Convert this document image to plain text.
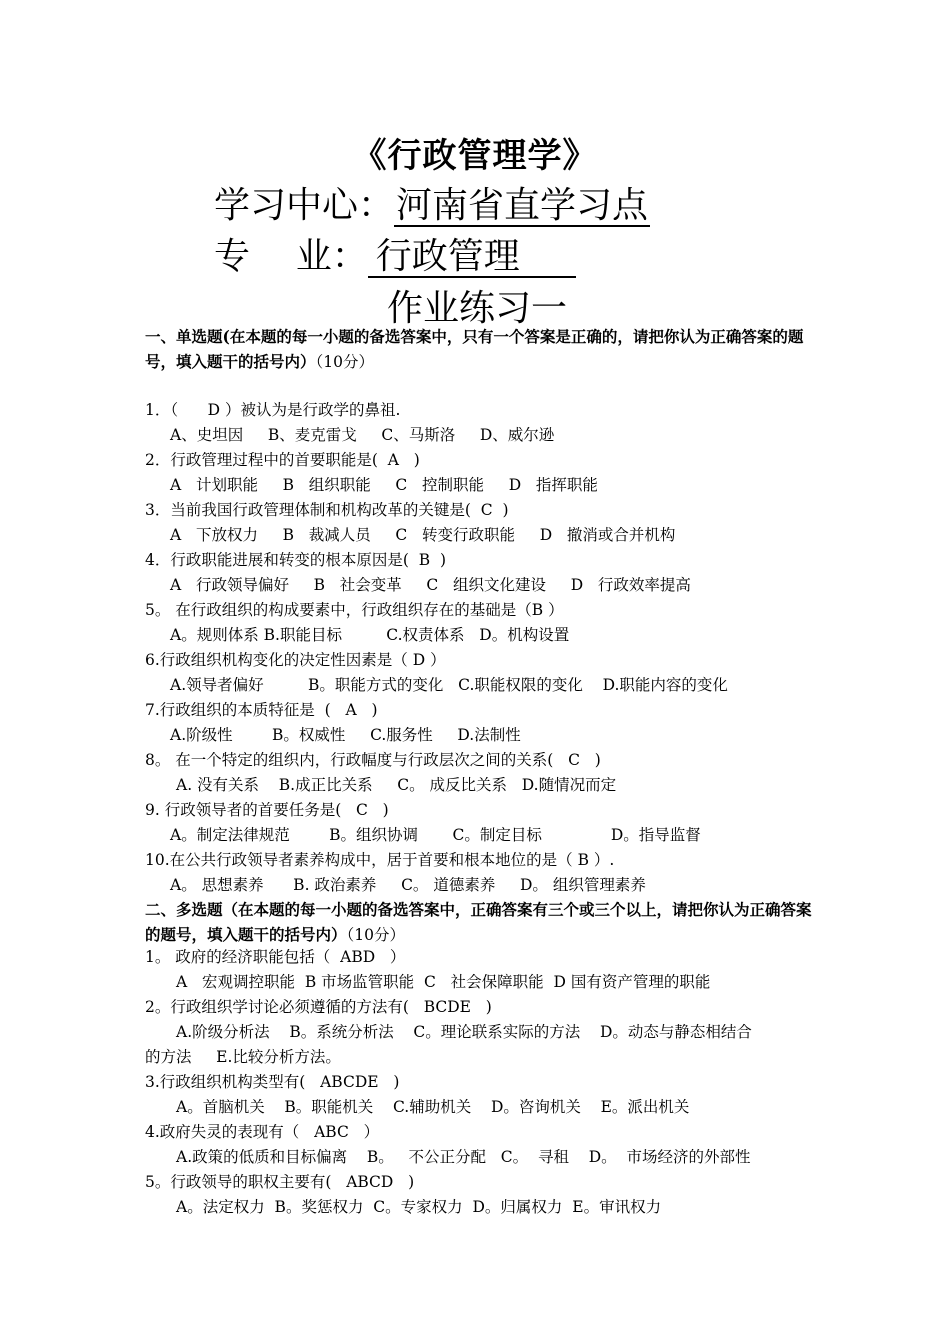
《行政管理学》
学习中心：河南省直学习点
专    业： 行政管理
作业练习一
一、单选题(在本题的每一小题的备选答案中，只有一个答案是正确的，请把你认为正确答案的题号，填入题干的括号内）（10分）
1．（      D ）被认为是行政学的鼻祖.
A、史坦因     B、麦克雷戈     C、马斯洛     D、威尔逊
2．行政管理过程中的首要职能是(  A   )
A   计划职能     B   组织职能     C   控制职能     D   指挥职能
3．当前我国行政管理体制和机构改革的关键是(  C  )
A   下放权力     B   裁减人员     C   转变行政职能     D   撤消或合并机构
4．行政职能进展和转变的根本原因是(  B  )
A   行政领导偏好     B   社会变革     C   组织文化建设     D   行政效率提高
5。 在行政组织的构成要素中，行政组织存在的基础是（B ）
A。规则体系 B.职能目标         C.权责体系   D。机构设置
6.行政组织机构变化的决定性因素是（ D ）
A.领导者偏好         B。职能方式的变化   C.职能权限的变化    D.职能内容的变化
7.行政组织的本质特征是  (   A   )
A.阶级性        B。权威性     C.服务性     D.法制性
8。 在一个特定的组织内，行政幅度与行政层次之间的关系(   C   )
A. 没有关系    B.成正比关系     C。 成反比关系   D.随情况而定
9. 行政领导者的首要任务是(   C   )
A。制定法律规范        B。组织协调       C。制定目标              D。指导监督
10.在公共行政领导者素养构成中，居于首要和根本地位的是（ B ）.
A。 思想素养      B. 政治素养     C。 道德素养     D。 组织管理素养
二、多选题（在本题的每一小题的备选答案中，正确答案有三个或三个以上，请把你认为正确答案的题号，填入题干的括号内）（10分）
1。 政府的经济职能包括（  ABD   ）
A   宏观调控职能  B 市场监管职能  C   社会保障职能  D 国有资产管理的职能
2。行政组织学讨论必须遵循的方法有(   BCDE   )
A.阶级分析法    B。系统分析法    C。理论联系实际的方法    D。动态与静态相结合
的方法     E.比较分析方法。
3.行政组织机构类型有(   ABCDE   )
A。首脑机关    B。职能机关    C.辅助机关    D。咨询机关    E。派出机关
4.政府失灵的表现有（   ABC   ）
A.政策的低质和目标偏离    B。   不公正分配   C。  寻租    D。  市场经济的外部性
5。行政领导的职权主要有(   ABCD   )
A。法定权力  B。奖惩权力  C。专家权力  D。归属权力  E。审讯权力
